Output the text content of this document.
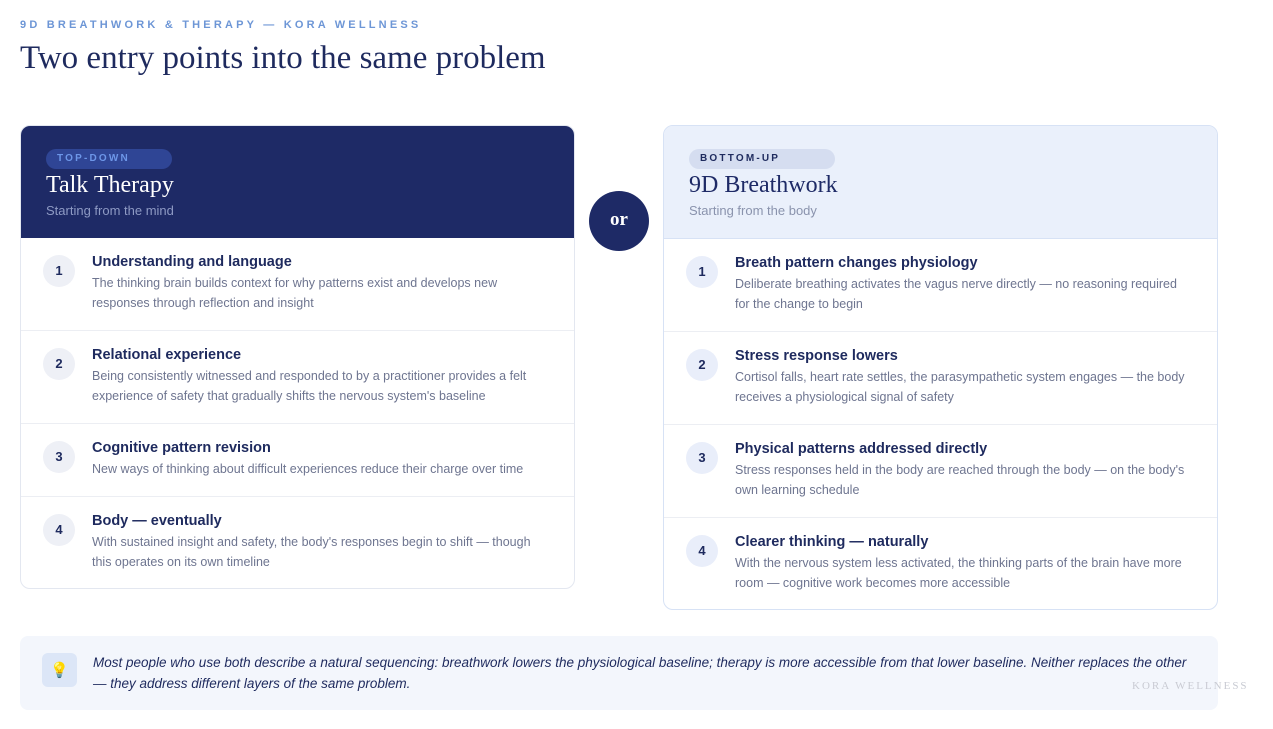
9D BREATHWORK & THERAPY — KORA WELLNESS
Two entry points into the same problem
TOP-DOWN
Talk Therapy
Starting from the mind
1
Understanding and language
The thinking brain builds context for why patterns exist and develops new responses through reflection and insight
2
Relational experience
Being consistently witnessed and responded to by a practitioner provides a felt experience of safety that gradually shifts the nervous system's baseline
3
Cognitive pattern revision
New ways of thinking about difficult experiences reduce their charge over time
4
Body — eventually
With sustained insight and safety, the body's responses begin to shift — though this operates on its own timeline
or
BOTTOM-UP
9D Breathwork
Starting from the body
1
Breath pattern changes physiology
Deliberate breathing activates the vagus nerve directly — no reasoning required for the change to begin
2
Stress response lowers
Cortisol falls, heart rate settles, the parasympathetic system engages — the body receives a physiological signal of safety
3
Physical patterns addressed directly
Stress responses held in the body are reached through the body — on the body's own learning schedule
4
Clearer thinking — naturally
With the nervous system less activated, the thinking parts of the brain have more room — cognitive work becomes more accessible
💡	Most people who use both describe a natural sequencing: breathwork lowers the physiological baseline; therapy is more accessible from that lower baseline. Neither replaces the other — they address different layers of the same problem.	KORA WELLNESS
